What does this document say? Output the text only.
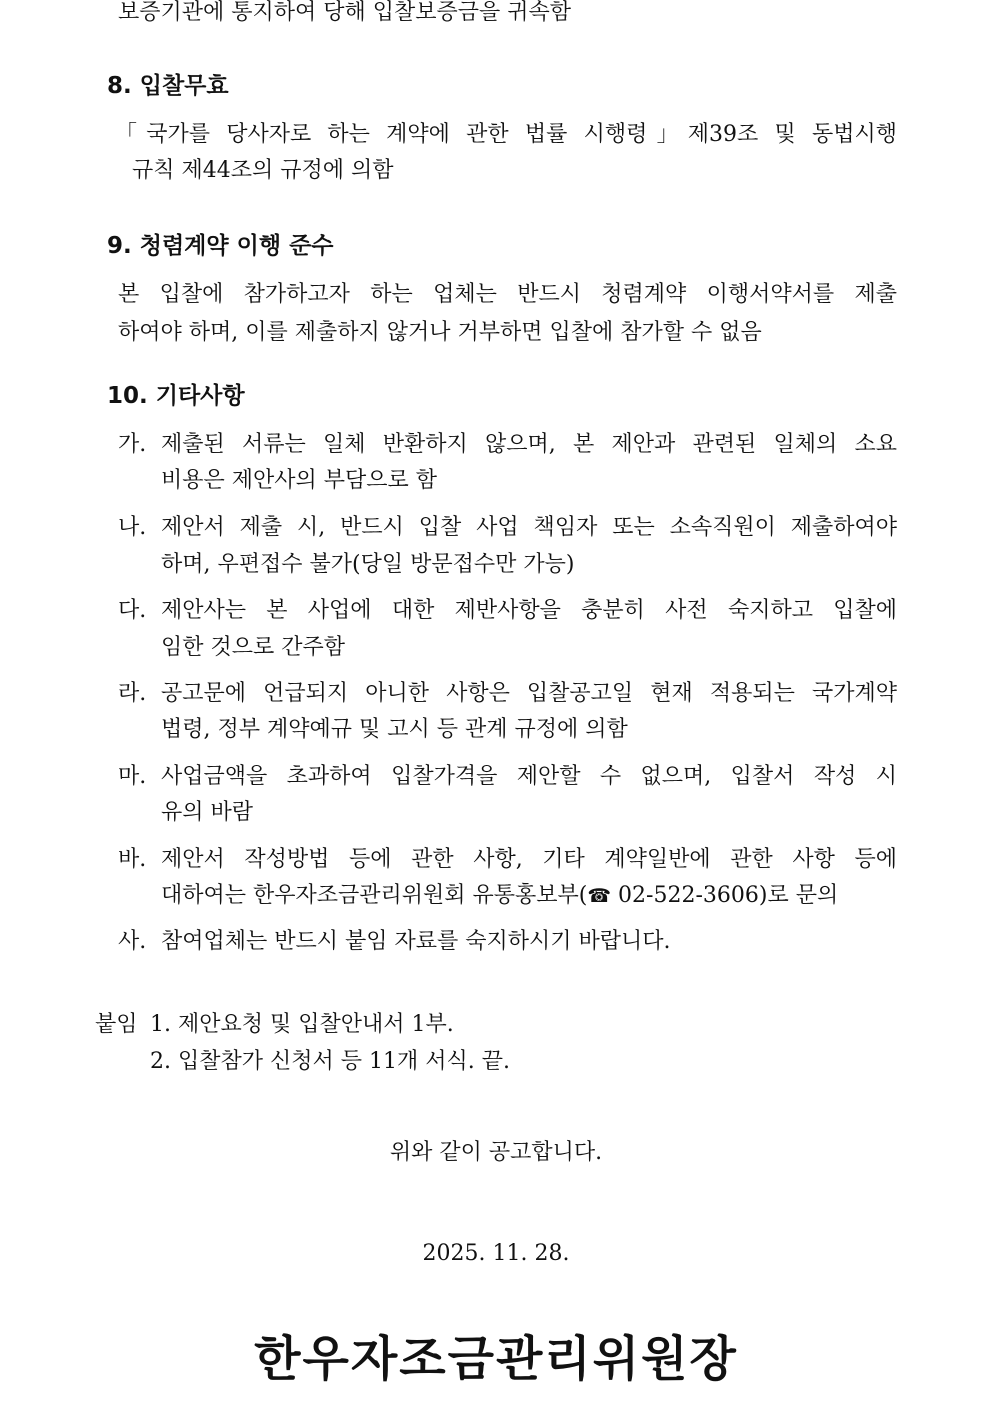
보증기관에 통지하여 당해 입찰보증금을 귀속함
8. 입찰무효
「국가를 당사자로 하는 계약에 관한 법률 시행령」제39조 및 동법시행
규칙 제44조의 규정에 의함
9. 청렴계약 이행 준수
본 입찰에 참가하고자 하는 업체는 반드시 청렴계약 이행서약서를 제출
하여야 하며, 이를 제출하지 않거나 거부하면 입찰에 참가할 수 없음
10. 기타사항
가. 제출된 서류는 일체 반환하지 않으며, 본 제안과 관련된 일체의 소요
비용은 제안사의 부담으로 함
나. 제안서 제출 시, 반드시 입찰 사업 책임자 또는 소속직원이 제출하여야
하며, 우편접수 불가(당일 방문접수만 가능)
다. 제안사는 본 사업에 대한 제반사항을 충분히 사전 숙지하고 입찰에
임한 것으로 간주함
라. 공고문에 언급되지 아니한 사항은 입찰공고일 현재 적용되는 국가계약
법령, 정부 계약예규 및 고시 등 관계 규정에 의함
마. 사업금액을 초과하여 입찰가격을 제안할 수 없으며, 입찰서 작성 시
유의 바람
바. 제안서 작성방법 등에 관한 사항, 기타 계약일반에 관한 사항 등에
대하여는 한우자조금관리위원회 유통홍보부(☎ 02-522-3606)로 문의
사. 참여업체는 반드시 붙임 자료를 숙지하시기 바랍니다.
붙임 1. 제안요청 및 입찰안내서 1부.
2. 입찰참가 신청서 등 11개 서식. 끝.
위와 같이 공고합니다.
2025. 11. 28.
한우자조금관리위원장
